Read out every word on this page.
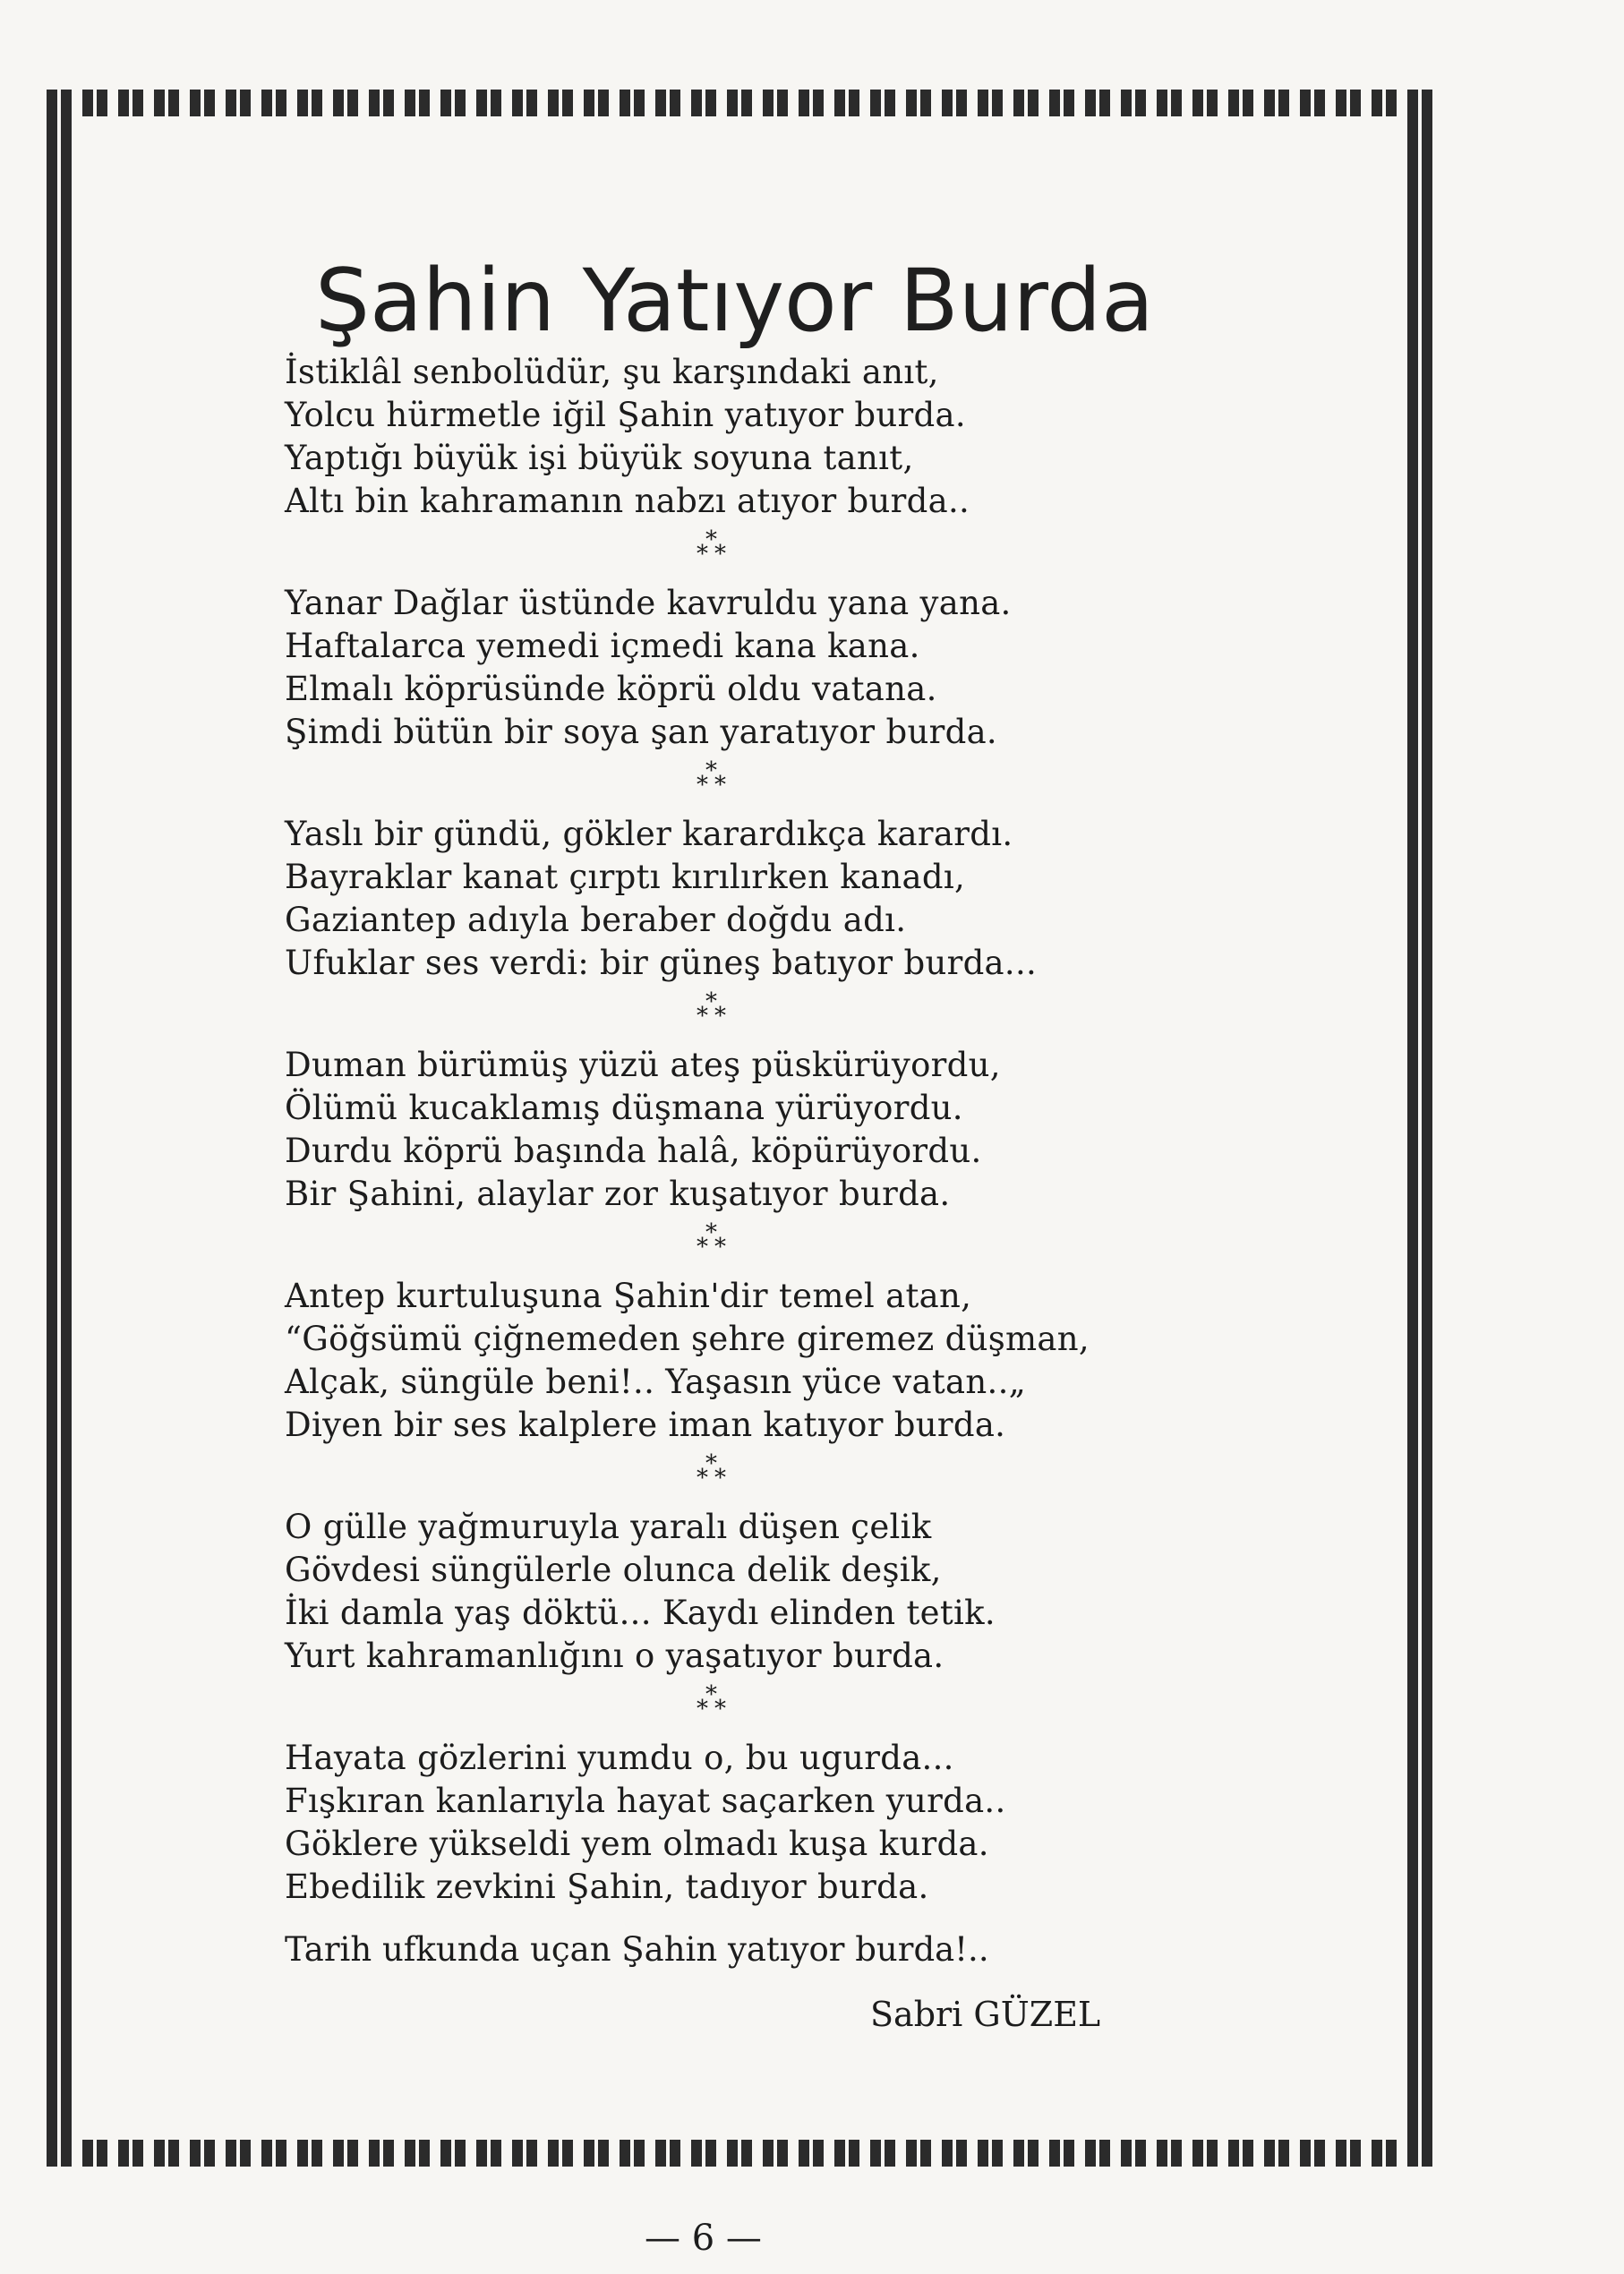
Şahin Yatıyor Burda
İstiklâl senbolüdür, şu karşındaki anıt,
Yolcu hürmetle iğil Şahin yatıyor burda.
Yaptığı büyük işi büyük soyuna tanıt,
Altı bin kahramanın nabzı atıyor burda..
*
* *
Yanar Dağlar üstünde kavruldu yana yana.
Haftalarca yemedi içmedi kana kana.
Elmalı köprüsünde köprü oldu vatana.
Şimdi bütün bir soya şan yaratıyor burda.
*
* *
Yaslı bir gündü, gökler karardıkça karardı.
Bayraklar kanat çırptı kırılırken kanadı,
Gaziantep adıyla beraber doğdu adı.
Ufuklar ses verdi: bir güneş batıyor burda...
*
* *
Duman bürümüş yüzü ateş püskürüyordu,
Ölümü kucaklamış düşmana yürüyordu.
Durdu köprü başında halâ, köpürüyordu.
Bir Şahini, alaylar zor kuşatıyor burda.
*
* *
Antep kurtuluşuna Şahin'dir temel atan,
“Göğsümü çiğnemeden şehre giremez düşman,
Alçak, süngüle beni!.. Yaşasın yüce vatan..„
Diyen bir ses kalplere iman katıyor burda.
*
* *
O gülle yağmuruyla yaralı düşen çelik
Gövdesi süngülerle olunca delik deşik,
İki damla yaş döktü... Kaydı elinden tetik.
Yurt kahramanlığını o yaşatıyor burda.
*
* *
Hayata gözlerini yumdu o, bu ugurda...
Fışkıran kanlarıyla hayat saçarken yurda..
Göklere yükseldi yem olmadı kuşa kurda.
Ebedilik zevkini Şahin, tadıyor burda.
Tarih ufkunda uçan Şahin yatıyor burda!..
Sabri GÜZEL
— 6 —
